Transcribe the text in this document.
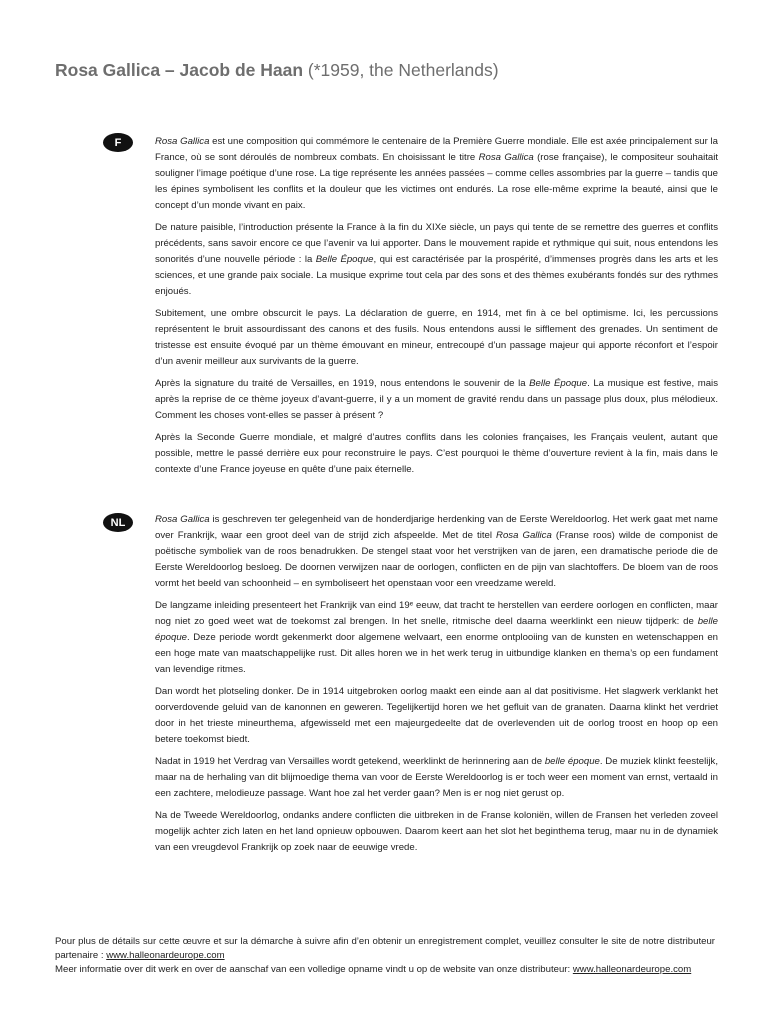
Rosa Gallica – Jacob de Haan (*1959, the Netherlands)
F	Rosa Gallica est une composition qui commémore le centenaire de la Première Guerre mondiale. Elle est axée principalement sur la France, où se sont déroulés de nombreux combats. En choisissant le titre Rosa Gallica (rose française), le compositeur souhaitait souligner l’image poétique d’une rose. La tige représente les années passées – comme celles assombries par la guerre – tandis que les épines symbolisent les conflits et la douleur que les victimes ont endurés. La rose elle-même exprime la beauté, ainsi que le concept d’un monde vivant en paix.

De nature paisible, l’introduction présente la France à la fin du XIXe siècle, un pays qui tente de se remettre des guerres et conflits précédents, sans savoir encore ce que l’avenir va lui apporter. Dans le mouvement rapide et rythmique qui suit, nous entendons les sonorités d’une nouvelle période : la Belle Époque, qui est caractérisée par la prospérité, d’immenses progrès dans les arts et les sciences, et une grande paix sociale. La musique exprime tout cela par des sons et des thèmes exubérants fondés sur des rythmes enjoués.

Subitement, une ombre obscurcit le pays. La déclaration de guerre, en 1914, met fin à ce bel optimisme. Ici, les percussions représentent le bruit assourdissant des canons et des fusils. Nous entendons aussi le sifflement des grenades. Un sentiment de tristesse est ensuite évoqué par un thème émouvant en mineur, entrecoupé d’un passage majeur qui apporte réconfort et l’espoir d’un avenir meilleur aux survivants de la guerre.

Après la signature du traité de Versailles, en 1919, nous entendons le souvenir de la Belle Époque. La musique est festive, mais après la reprise de ce thème joyeux d’avant-guerre, il y a un moment de gravité rendu dans un passage plus doux, plus mélodieux. Comment les choses vont-elles se passer à présent ?

Après la Seconde Guerre mondiale, et malgré d’autres conflits dans les colonies françaises, les Français veulent, autant que possible, mettre le passé derrière eux pour reconstruire le pays. C’est pourquoi le thème d’ouverture revient à la fin, mais dans le contexte d’une France joyeuse en quête d’une paix éternelle.

NL	Rosa Gallica is geschreven ter gelegenheid van de honderdjarige herdenking van de Eerste Wereldoorlog. Het werk gaat met name over Frankrijk, waar een groot deel van de strijd zich afspeelde. Met de titel Rosa Gallica (Franse roos) wilde de componist de poëtische symboliek van de roos benadrukken. De stengel staat voor het verstrijken van de jaren, een dramatische periode die de Eerste Wereldoorlog besloeg. De doornen verwijzen naar de oorlogen, conflicten en de pijn van slachtoffers. De bloem van de roos vormt het beeld van schoonheid – en symboliseert het openstaan voor een vreedzame wereld.

De langzame inleiding presenteert het Frankrijk van eind 19ᵉ eeuw, dat tracht te herstellen van eerdere oorlogen en conflicten, maar nog niet zo goed weet wat de toekomst zal brengen. In het snelle, ritmische deel daarna weerklinkt een nieuw tijdperk: de belle époque. Deze periode wordt gekenmerkt door algemene welvaart, een enorme ontplooiing van de kunsten en wetenschappen en een hoge mate van maatschappelijke rust. Dit alles horen we in het werk terug in uitbundige klanken en thema’s op een fundament van levendige ritmes.

Dan wordt het plotseling donker. De in 1914 uitgebroken oorlog maakt een einde aan al dat positivisme. Het slagwerk verklankt het oorverdovende geluid van de kanonnen en geweren. Tegelijkertijd horen we het gefluit van de granaten. Daarna klinkt het verdriet door in het trieste mineurthema, afgewisseld met een majeurgedeelte dat de overlevenden uit de oorlog troost en hoop op een betere toekomst biedt.

Nadat in 1919 het Verdrag van Versailles wordt getekend, weerklinkt de herinnering aan de belle époque. De muziek klinkt feestelijk, maar na de herhaling van dit blijmoedige thema van voor de Eerste Wereldoorlog is er toch weer een moment van ernst, vertaald in een zachtere, melodieuze passage. Want hoe zal het verder gaan? Men is er nog niet gerust op.

Na de Tweede Wereldoorlog, ondanks andere conflicten die uitbreken in de Franse koloniën, willen de Fransen het verleden zoveel mogelijk achter zich laten en het land opnieuw opbouwen. Daarom keert aan het slot het beginthema terug, maar nu in de dynamiek van een vreugdevol Frankrijk op zoek naar de eeuwige vrede.

Pour plus de détails sur cette œuvre et sur la démarche à suivre afin d’en obtenir un enregistrement complet, veuillez consulter le site de notre distributeur partenaire : www.halleonardeurope.com
Meer informatie over dit werk en over de aanschaf van een volledige opname vindt u op de website van onze distributeur: www.halleonardeurope.com
